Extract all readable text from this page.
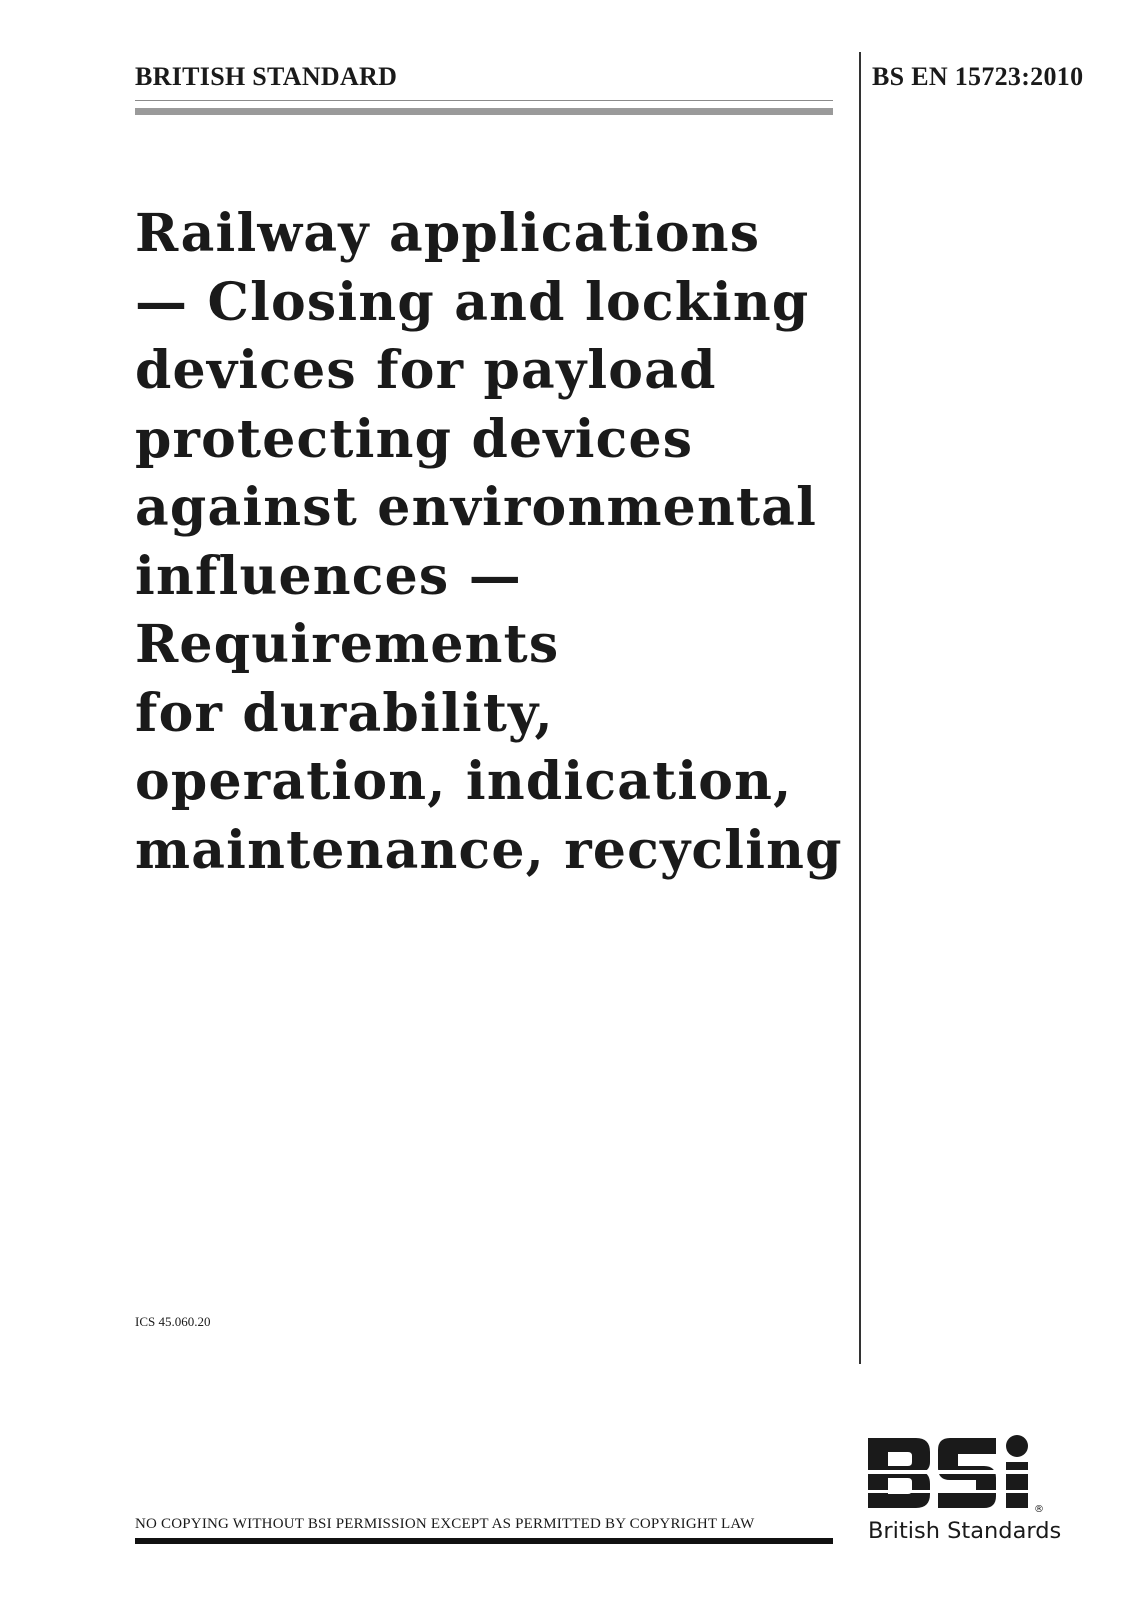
BRITISH STANDARD	BS EN 15723:2010
Railway applications
— Closing and locking
devices for payload
protecting devices
against environmental
influences —
Requirements
for durability,
operation, indication,
maintenance, recycling
ICS 45.060.20
NO COPYING WITHOUT BSI PERMISSION EXCEPT AS PERMITTED BY COPYRIGHT LAW
®
British Standards
